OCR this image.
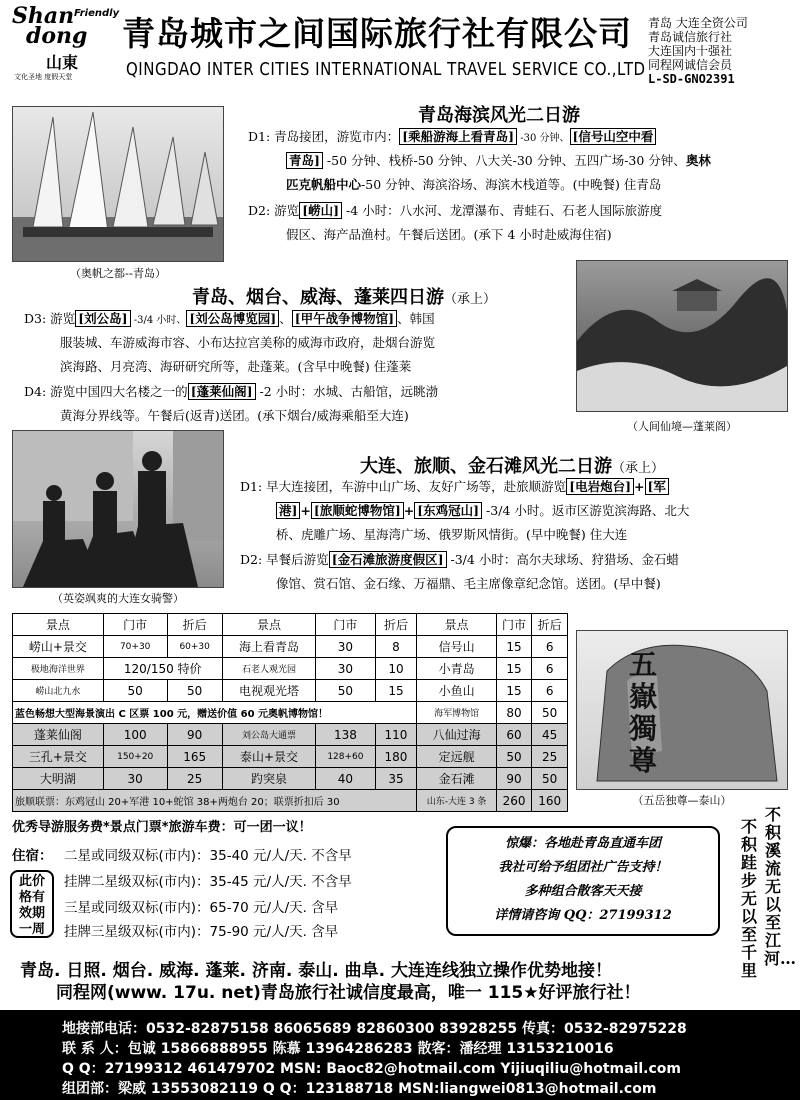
Friendly
Shan
dong
山東
文化圣地 度假天堂
青岛城市之间国际旅行社有限公司
QINGDAO INTER CITIES INTERNATIONAL TRAVEL SERVICE CO.,LTD
青岛 大连全资公司
青岛诚信旅行社
大连国内十强社
同程网诚信会员
L-SD-GNO2391
（奥帆之都--青岛）
青岛海滨风光二日游
D1: 青岛接团，游览市内： [乘船游海上看青岛] -30 分钟、 [信号山空中看
青岛] -50 分钟、栈桥-50 分钟、八大关-30 分钟、五四广场-30 分钟、奥林
匹克帆船中心-50 分钟、海滨浴场、海滨木栈道等。(中晚餐) 住青岛
D2: 游览 [崂山] -4 小时：八水河、龙潭瀑布、青蛙石、石老人国际旅游度
假区、海产品渔村。午餐后送团。(承下 4 小时赴威海住宿)
（人间仙境—蓬莱阁）
青岛、烟台、威海、蓬莱四日游（承上）
D3: 游览 [刘公岛] -3/4 小时、 [刘公岛博览园] 、 [甲午战争博物馆] 、韩国
服装城、车游威海市容、小布达拉宫美称的威海市政府，赴烟台游览
滨海路、月亮湾、海研研究所等，赴蓬莱。(含早中晚餐) 住蓬莱
D4: 游览中国四大名楼之一的 [蓬莱仙阁] -2 小时：水城、古船馆，远眺渤
黄海分界线等。午餐后(返青)送团。(承下烟台/威海乘船至大连)
（英姿飒爽的大连女骑警）
大连、旅顺、金石滩风光二日游（承上）
D1: 早大连接团，车游中山广场、友好广场等，赴旅顺游览 [电岩炮台] + [军
港] + [旅顺蛇博物馆] + [东鸡冠山] -3/4 小时。返市区游览滨海路、北大
桥、虎雕广场、星海湾广场、俄罗斯风情街。(早中晚餐) 住大连
D2: 早餐后游览 [金石滩旅游度假区] -3/4 小时：高尔夫球场、狩猎场、金石蜡
像馆、赏石馆、金石缘、万福鼎、毛主席像章纪念馆。送团。(早中餐)
景点	门市	折后	景点	门市	折后	景点	门市	折后
崂山+景交	70+30	60+30	海上看青岛	30	8	信号山	15	6
极地海洋世界	120/150 特价		石老人观光园	30	10	小青岛	15	6
崂山北九水	50	50	电视观光塔	50	15	小鱼山	15	6
蓝色畅想大型海景演出 C 区票 100 元，赠送价值 60 元奥帆博物馆！						海军博物馆	80	50
蓬莱仙阁	100	90	刘公岛大通票	138	110	八仙过海	60	45
三孔+景交	150+20	165	泰山+景交	128+60	180	定远舰	50	25
大明湖	30	25	趵突泉	40	35	金石滩	90	50
旅顺联票：东鸡冠山 20+军港 10+蛇馆 38+两炮台 20；联票折扣后 30						山东-大连 3 条	260	160
五嶽獨尊
（五岳独尊—泰山）
优秀导游服务费*景点门票*旅游车费：可一团一议！
住宿： 二星或同级双标(市内)：35-40 元/人/天. 不含早
挂牌二星级双标(市内)：35-45 元/人/天. 不含早
三星或同级双标(市内)：65-70 元/人/天. 含早
挂牌三星级双标(市内)：75-90 元/人/天. 含早
此价
格有
效期
一周
惊爆：各地赴青岛直通车团
我社可给予组团社广告支持！
多种组合散客天天接
详情请咨询 QQ：27199312
不积跬步无以至千里
不积溪流无以至江河…
青岛. 日照. 烟台. 威海. 蓬莱. 济南. 泰山. 曲阜. 大连连线独立操作优势地接！
同程网(www. 17u. net)青岛旅行社诚信度最高，唯一 115★好评旅行社！
地接部电话：0532-82875158 86065689 82860300 83928255 传真：0532-82975228
联 系 人：包诚 15866888955 陈慕 13964286283 散客：潘经理 13153210016
Q Q：27199312 461479702 MSN: Baoc82@hotmail.com Yijiuqiliu@hotmail.com
组团部：梁威 13553082119 Q Q：123188718 MSN:liangwei0813@hotmail.com
